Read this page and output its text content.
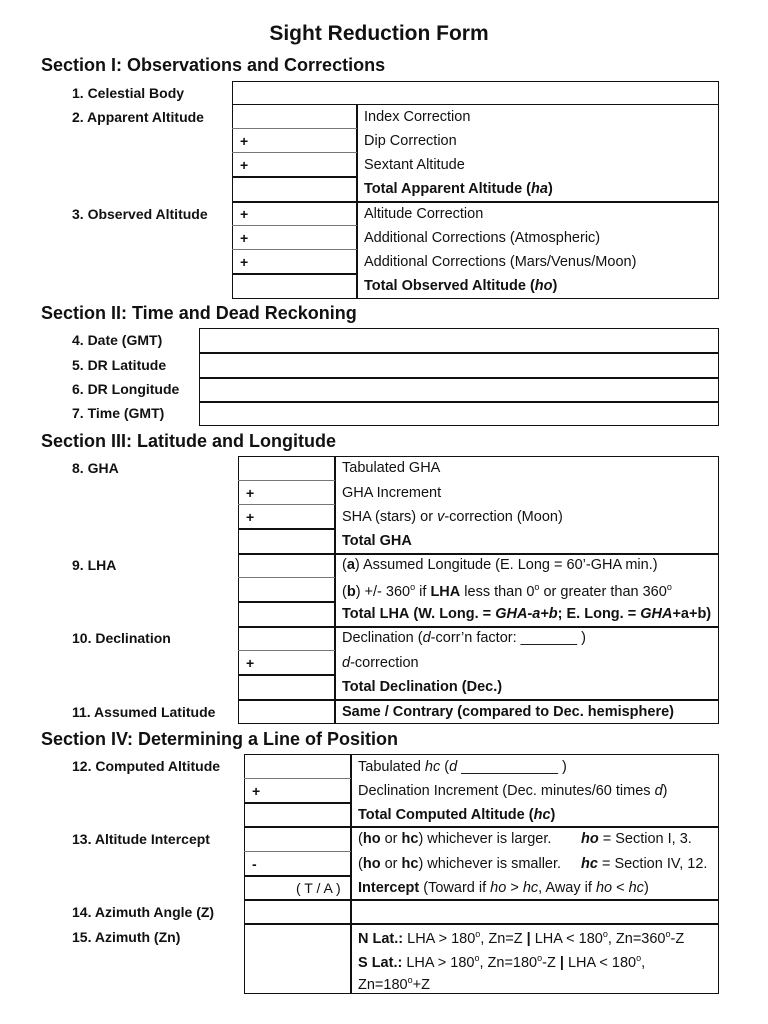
Sight Reduction Form
Section I: Observations and Corrections
1. Celestial Body
2. Apparent Altitude
3. Observed Altitude
+
+
+
+
+
Index Correction
Dip Correction
Sextant Altitude
Total Apparent Altitude (ha)
Altitude Correction
Additional Corrections (Atmospheric)
Additional Corrections (Mars/Venus/Moon)
Total Observed Altitude (ho)
Section II: Time and Dead Reckoning
4. Date (GMT)
5. DR Latitude
6. DR Longitude
7. Time (GMT)
Section III: Latitude and Longitude
8. GHA
9. LHA
10. Declination
11. Assumed Latitude
+
+
+
Tabulated GHA
GHA Increment
SHA (stars) or v-correction (Moon)
Total GHA
(a) Assumed Longitude (E. Long = 60’-GHA min.)
(b) +/- 360$^o$ if LHA less than 0$^o$ or greater than 360$^o$
Total LHA (W. Long. = GHA-a+b; E. Long. = GHA+a+b)
Declination (d-corr’n factor: _______ )
d-correction
Total Declination (Dec.)
Same / Contrary (compared to Dec. hemisphere)
Section IV: Determining a Line of Position
12. Computed Altitude
13. Altitude Intercept
14. Azimuth Angle (Z)
15. Azimuth (Zn)
+
-
( T / A )
Tabulated hc (d ____________ )
Declination Increment (Dec. minutes/60 times d)
Total Computed Altitude (hc)
(ho or hc) whichever is larger. ho = Section I, 3.
(ho or hc) whichever is smaller. hc = Section IV, 12.
Intercept (Toward if ho > hc, Away if ho < hc)
N Lat.: LHA > $180^o$, Zn=Z | LHA < $180^o$, $Zn=360^o-Z$
S Lat.: LHA > $180^o$, $Zn=180^o-Z$ | LHA < $180^o$,
$Zn=180^o+Z$
